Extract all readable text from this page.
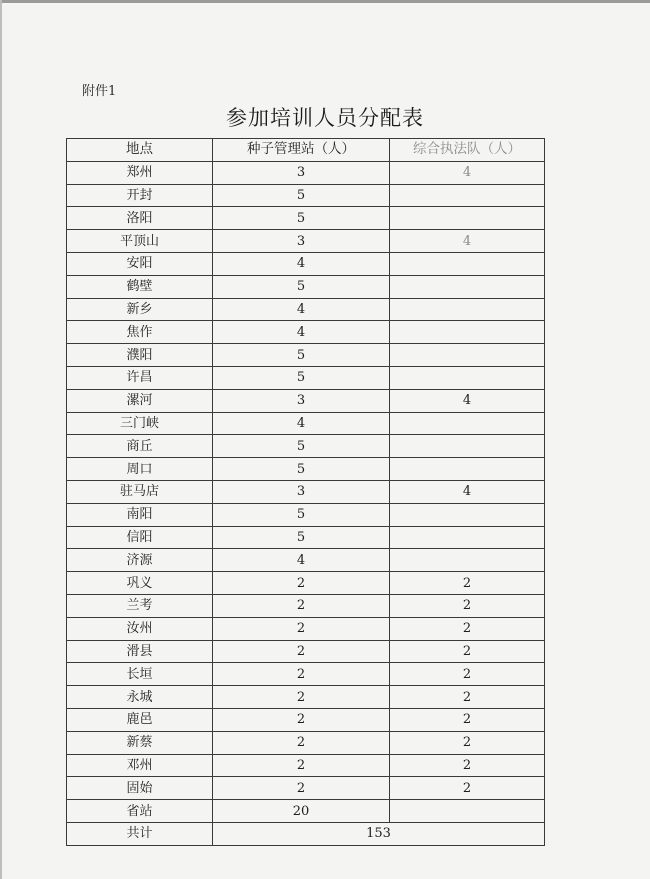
附件1
参加培训人员分配表
地点	种子管理站（人）	综合执法队（人）
郑州	3	4
开封	5	
洛阳	5	
平顶山	3	4
安阳	4	
鹤壁	5	
新乡	4	
焦作	4	
濮阳	5	
许昌	5	
漯河	3	4
三门峡	4	
商丘	5	
周口	5	
驻马店	3	4
南阳	5	
信阳	5	
济源	4	
巩义	2	2
兰考	2	2
汝州	2	2
滑县	2	2
长垣	2	2
永城	2	2
鹿邑	2	2
新蔡	2	2
邓州	2	2
固始	2	2
省站	20	
共计	153	
